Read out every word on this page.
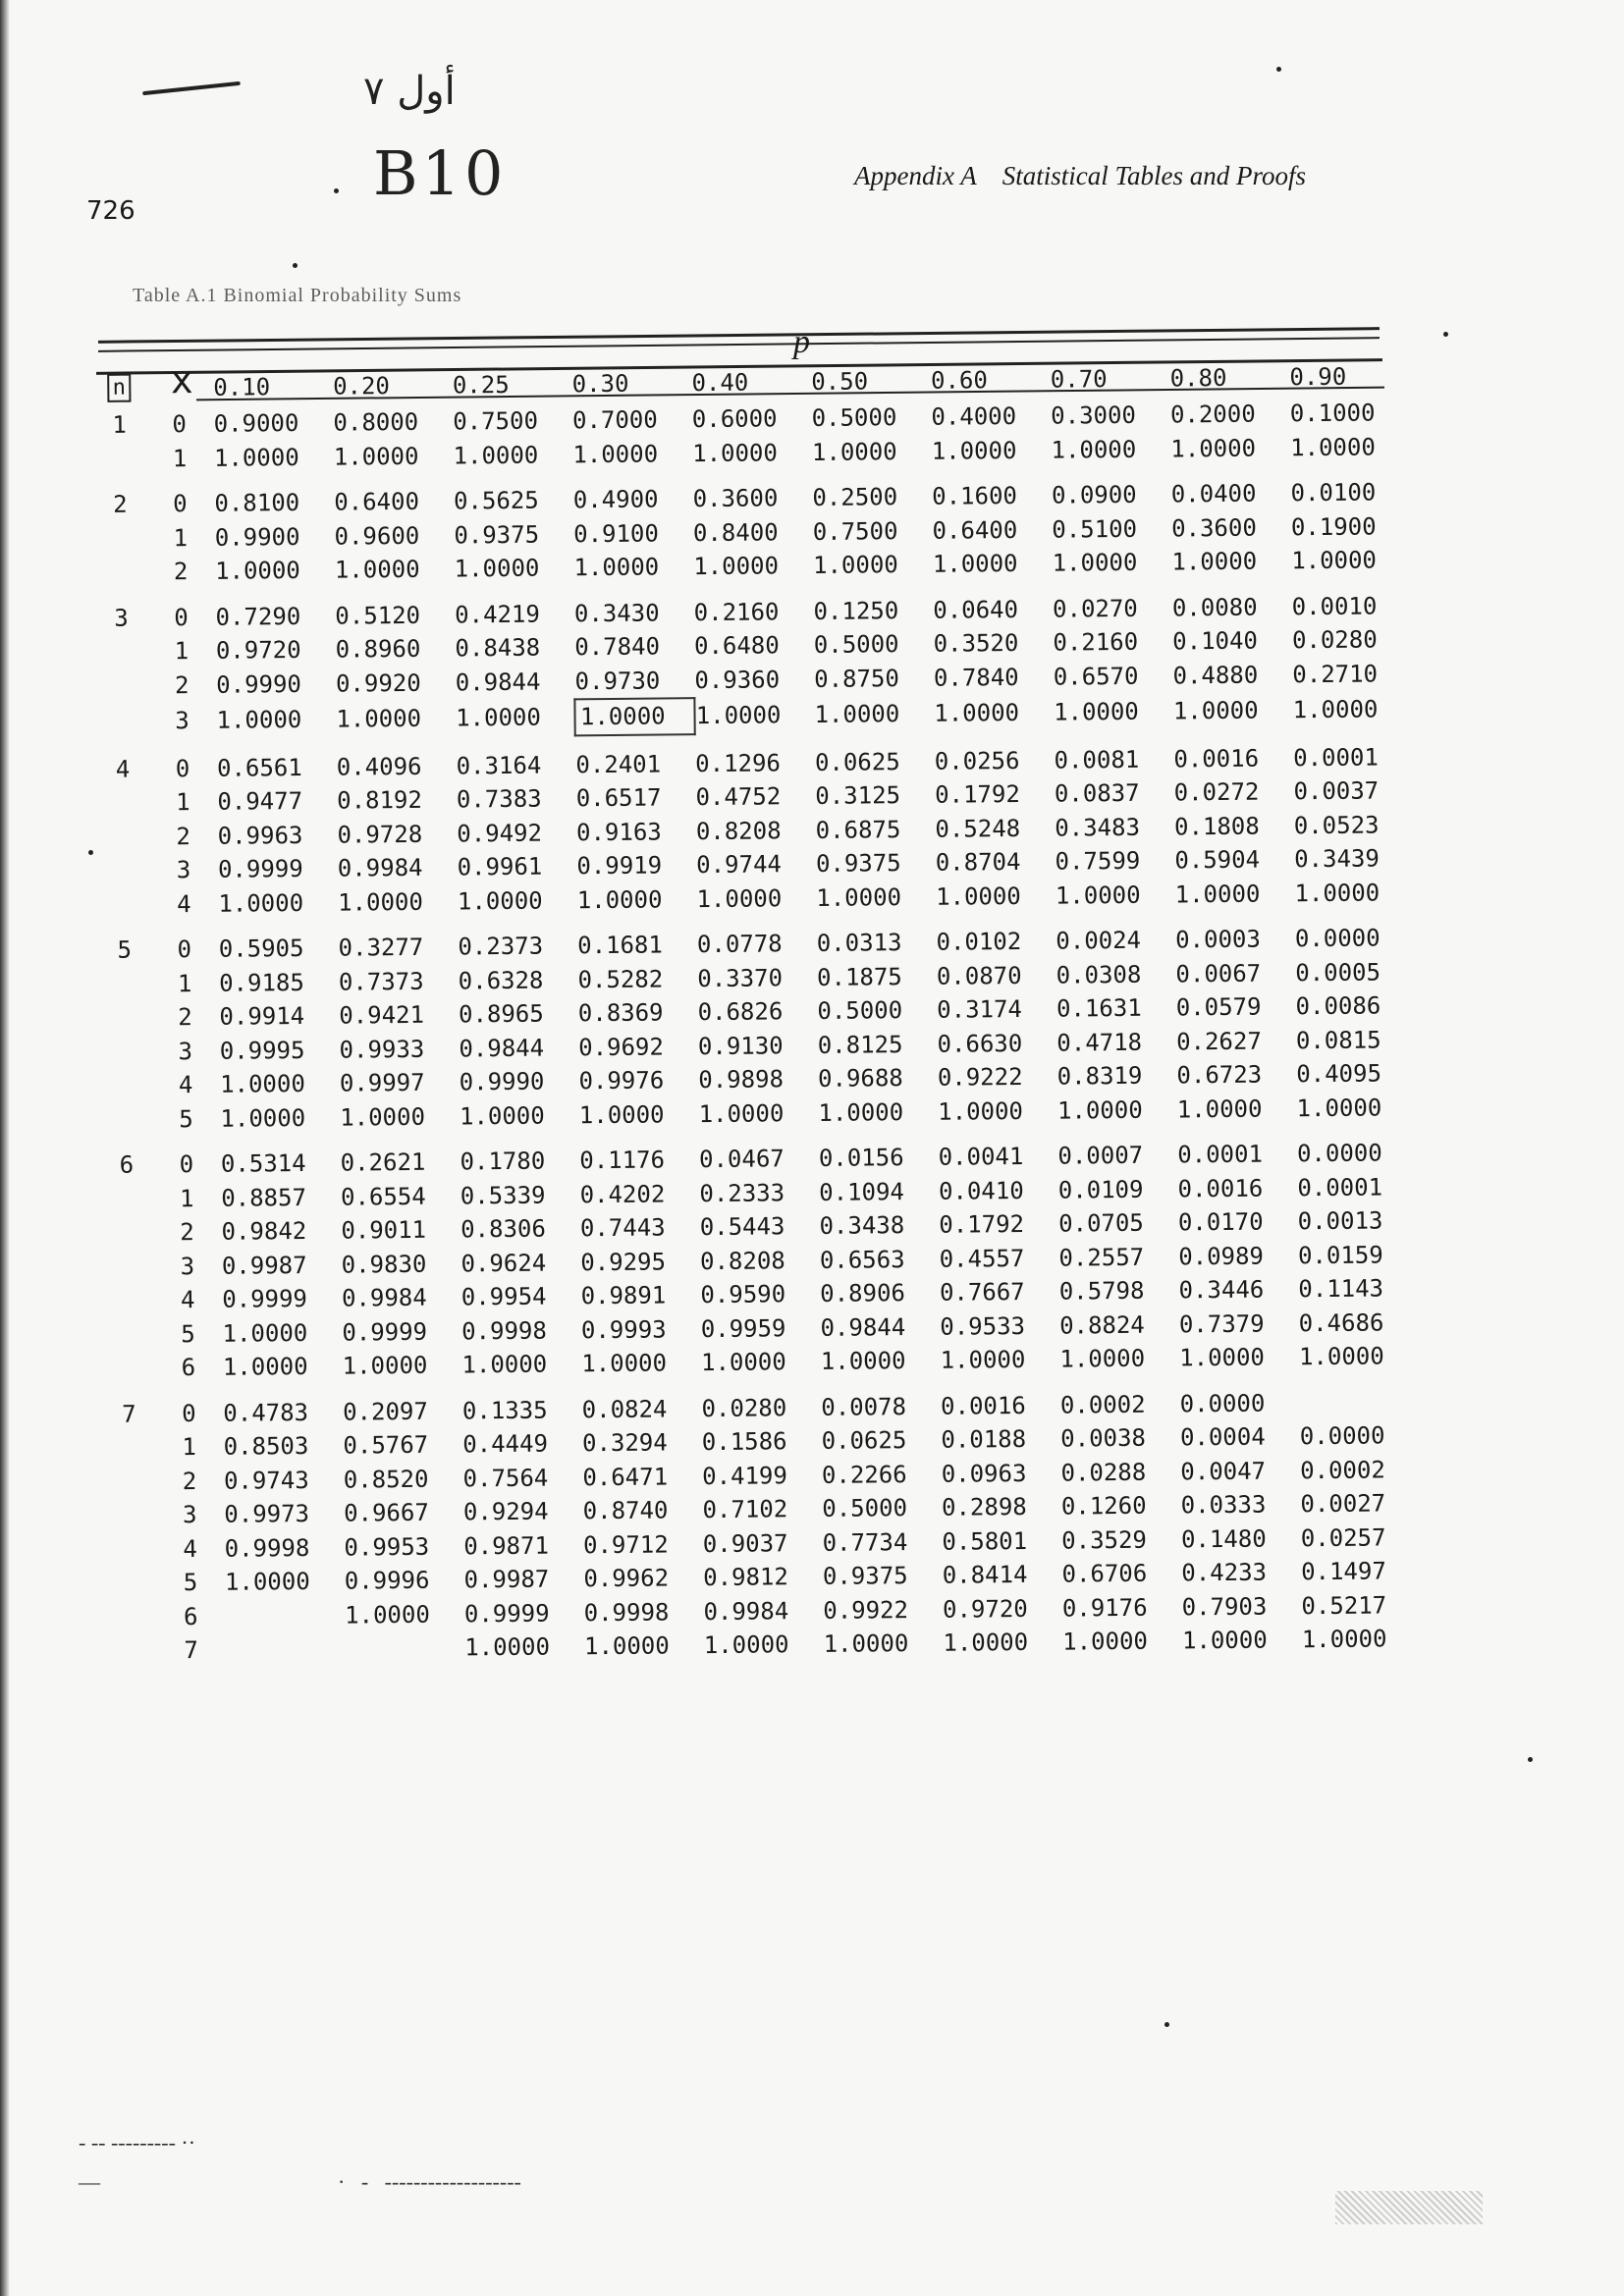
أول ٧
B10
726
Appendix A Statistical Tables and Proofs
Table A.1 Binomial Probability Sums
p
n	x	0.10	0.20	0.25	0.30	0.40	0.50	0.60	0.70	0.80	0.90
1	0	0.9000	0.8000	0.7500	0.7000	0.6000	0.5000	0.4000	0.3000	0.2000	0.1000
	1	1.0000	1.0000	1.0000	1.0000	1.0000	1.0000	1.0000	1.0000	1.0000	1.0000

2	0	0.8100	0.6400	0.5625	0.4900	0.3600	0.2500	0.1600	0.0900	0.0400	0.0100
	1	0.9900	0.9600	0.9375	0.9100	0.8400	0.7500	0.6400	0.5100	0.3600	0.1900
	2	1.0000	1.0000	1.0000	1.0000	1.0000	1.0000	1.0000	1.0000	1.0000	1.0000

3	0	0.7290	0.5120	0.4219	0.3430	0.2160	0.1250	0.0640	0.0270	0.0080	0.0010
	1	0.9720	0.8960	0.8438	0.7840	0.6480	0.5000	0.3520	0.2160	0.1040	0.0280
	2	0.9990	0.9920	0.9844	0.9730	0.9360	0.8750	0.7840	0.6570	0.4880	0.2710
	3	1.0000	1.0000	1.0000	1.0000	1.0000	1.0000	1.0000	1.0000	1.0000	1.0000

4	0	0.6561	0.4096	0.3164	0.2401	0.1296	0.0625	0.0256	0.0081	0.0016	0.0001
	1	0.9477	0.8192	0.7383	0.6517	0.4752	0.3125	0.1792	0.0837	0.0272	0.0037
	2	0.9963	0.9728	0.9492	0.9163	0.8208	0.6875	0.5248	0.3483	0.1808	0.0523
	3	0.9999	0.9984	0.9961	0.9919	0.9744	0.9375	0.8704	0.7599	0.5904	0.3439
	4	1.0000	1.0000	1.0000	1.0000	1.0000	1.0000	1.0000	1.0000	1.0000	1.0000

5	0	0.5905	0.3277	0.2373	0.1681	0.0778	0.0313	0.0102	0.0024	0.0003	0.0000
	1	0.9185	0.7373	0.6328	0.5282	0.3370	0.1875	0.0870	0.0308	0.0067	0.0005
	2	0.9914	0.9421	0.8965	0.8369	0.6826	0.5000	0.3174	0.1631	0.0579	0.0086
	3	0.9995	0.9933	0.9844	0.9692	0.9130	0.8125	0.6630	0.4718	0.2627	0.0815
	4	1.0000	0.9997	0.9990	0.9976	0.9898	0.9688	0.9222	0.8319	0.6723	0.4095
	5	1.0000	1.0000	1.0000	1.0000	1.0000	1.0000	1.0000	1.0000	1.0000	1.0000

6	0	0.5314	0.2621	0.1780	0.1176	0.0467	0.0156	0.0041	0.0007	0.0001	0.0000
	1	0.8857	0.6554	0.5339	0.4202	0.2333	0.1094	0.0410	0.0109	0.0016	0.0001
	2	0.9842	0.9011	0.8306	0.7443	0.5443	0.3438	0.1792	0.0705	0.0170	0.0013
	3	0.9987	0.9830	0.9624	0.9295	0.8208	0.6563	0.4557	0.2557	0.0989	0.0159
	4	0.9999	0.9984	0.9954	0.9891	0.9590	0.8906	0.7667	0.5798	0.3446	0.1143
	5	1.0000	0.9999	0.9998	0.9993	0.9959	0.9844	0.9533	0.8824	0.7379	0.4686
	6	1.0000	1.0000	1.0000	1.0000	1.0000	1.0000	1.0000	1.0000	1.0000	1.0000

7	0	0.4783	0.2097	0.1335	0.0824	0.0280	0.0078	0.0016	0.0002	0.0000	
	1	0.8503	0.5767	0.4449	0.3294	0.1586	0.0625	0.0188	0.0038	0.0004	0.0000
	2	0.9743	0.8520	0.7564	0.6471	0.4199	0.2266	0.0963	0.0288	0.0047	0.0002
	3	0.9973	0.9667	0.9294	0.8740	0.7102	0.5000	0.2898	0.1260	0.0333	0.0027
	4	0.9998	0.9953	0.9871	0.9712	0.9037	0.7734	0.5801	0.3529	0.1480	0.0257
	5	1.0000	0.9996	0.9987	0.9962	0.9812	0.9375	0.8414	0.6706	0.4233	0.1497
	6		1.0000	0.9999	0.9998	0.9984	0.9922	0.9720	0.9176	0.7903	0.5217
	7			1.0000	1.0000	1.0000	1.0000	1.0000	1.0000	1.0000	1.0000
- -- --------- ··
—                                            ·   -   -------------------
